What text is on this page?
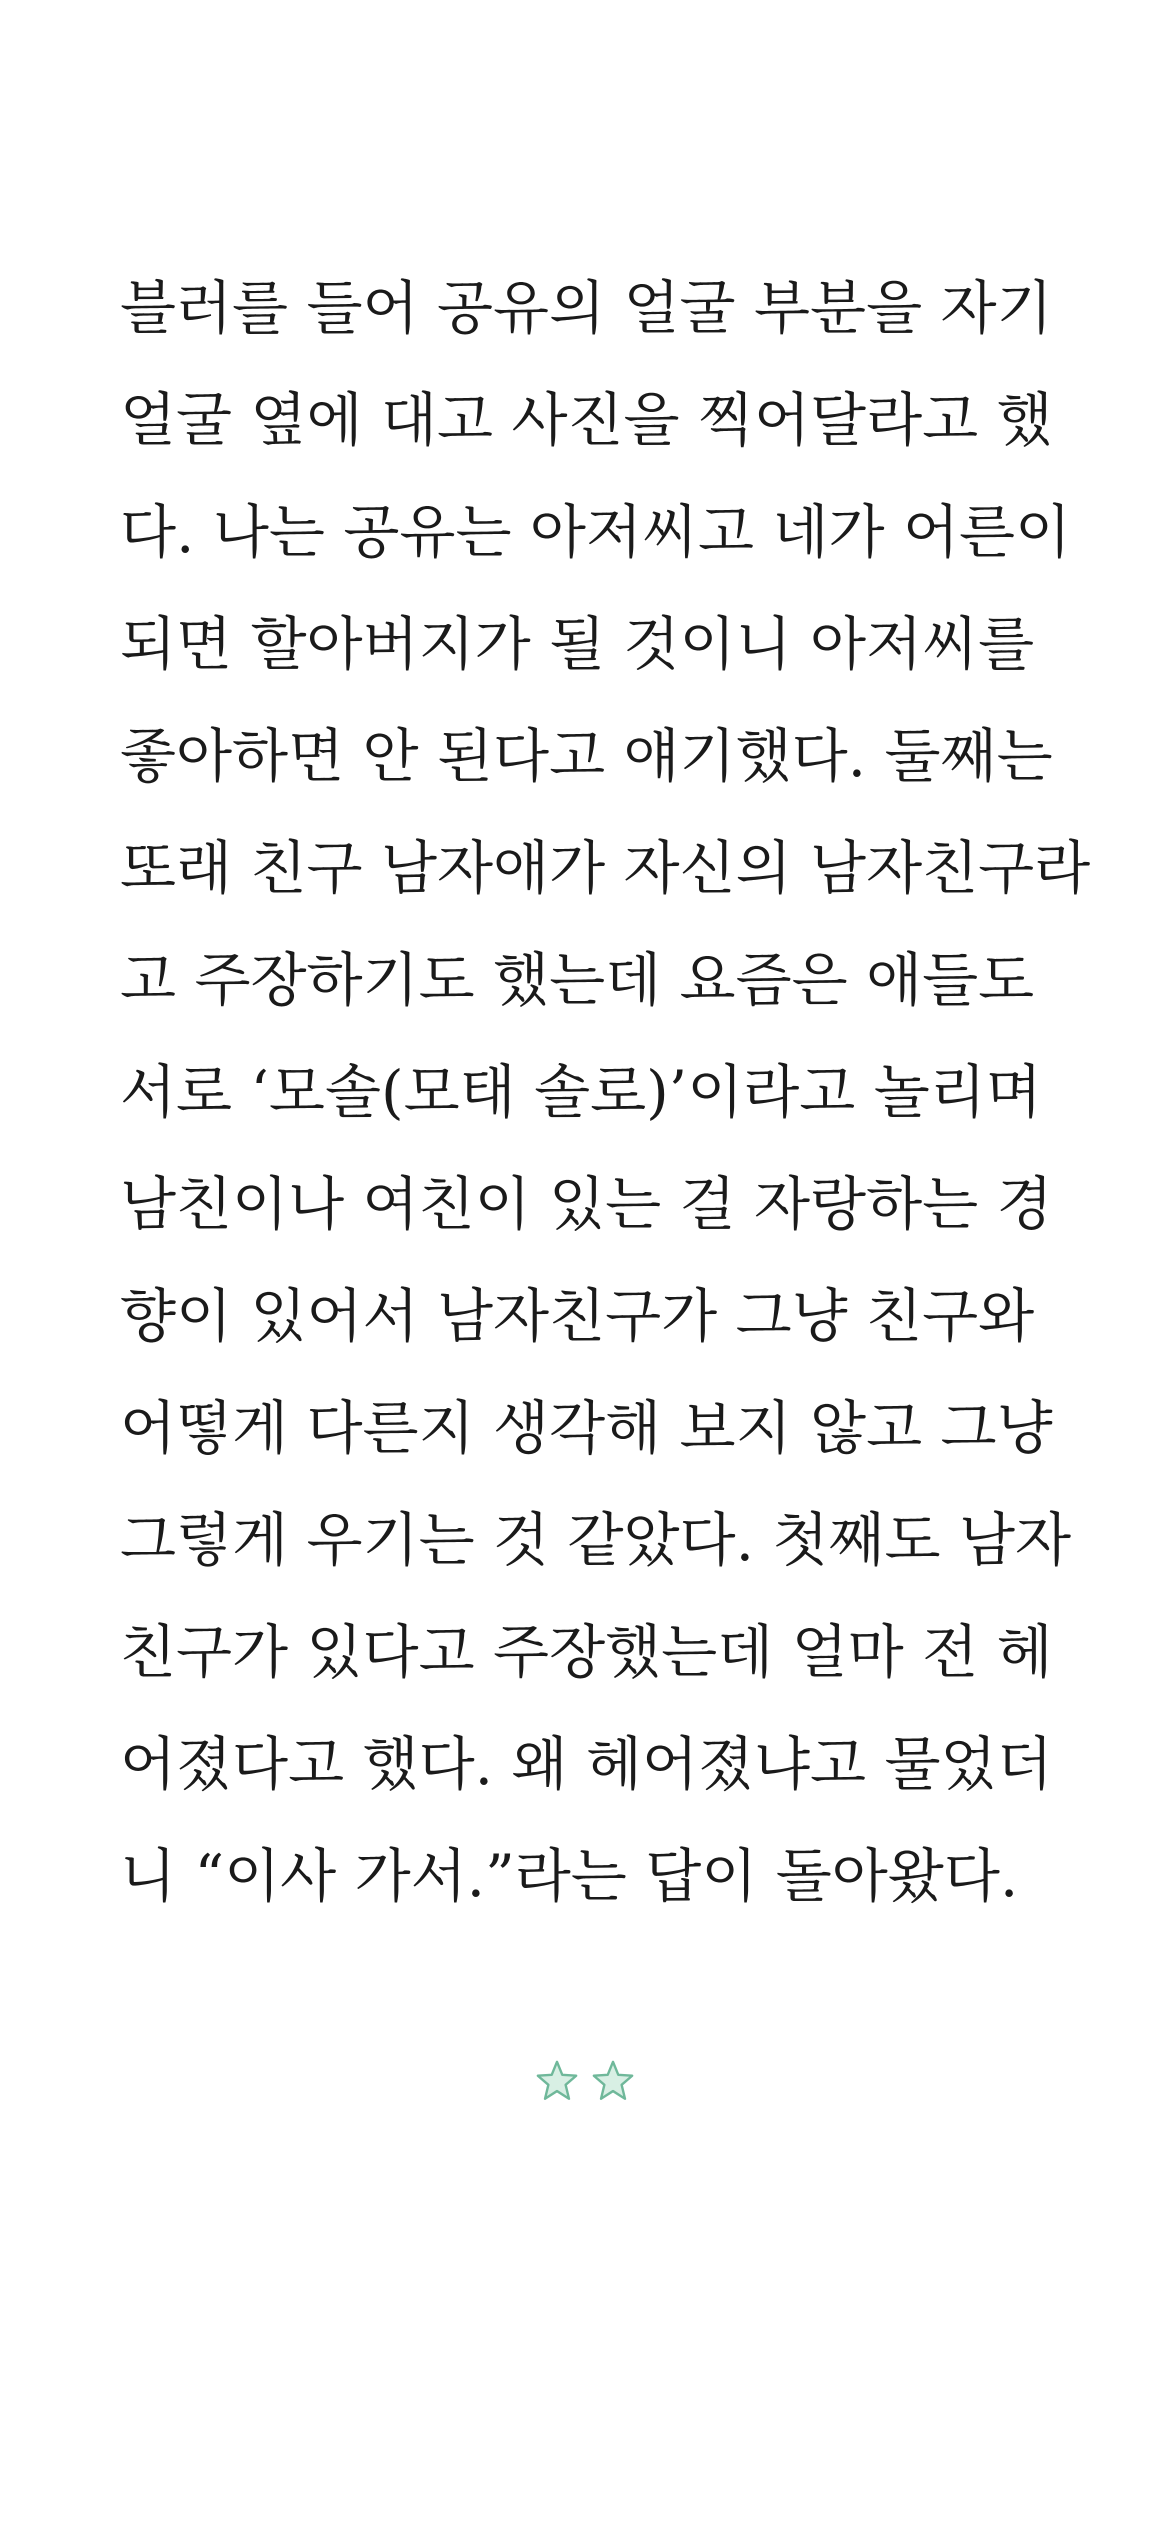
블러를 들어 공유의 얼굴 부분을 자기
얼굴 옆에 대고 사진을 찍어달라고 했
다. 나는 공유는 아저씨고 네가 어른이
되면 할아버지가 될 것이니 아저씨를
좋아하면 안 된다고 얘기했다. 둘째는
또래 친구 남자애가 자신의 남자친구라
고 주장하기도 했는데 요즘은 애들도
서로 ‘모솔(모태 솔로)’이라고 놀리며
남친이나 여친이 있는 걸 자랑하는 경
향이 있어서 남자친구가 그냥 친구와
어떻게 다른지 생각해 보지 않고 그냥
그렇게 우기는 것 같았다. 첫째도 남자
친구가 있다고 주장했는데 얼마 전 헤
어졌다고 했다. 왜 헤어졌냐고 물었더
니 “이사 가서.”라는 답이 돌아왔다.
